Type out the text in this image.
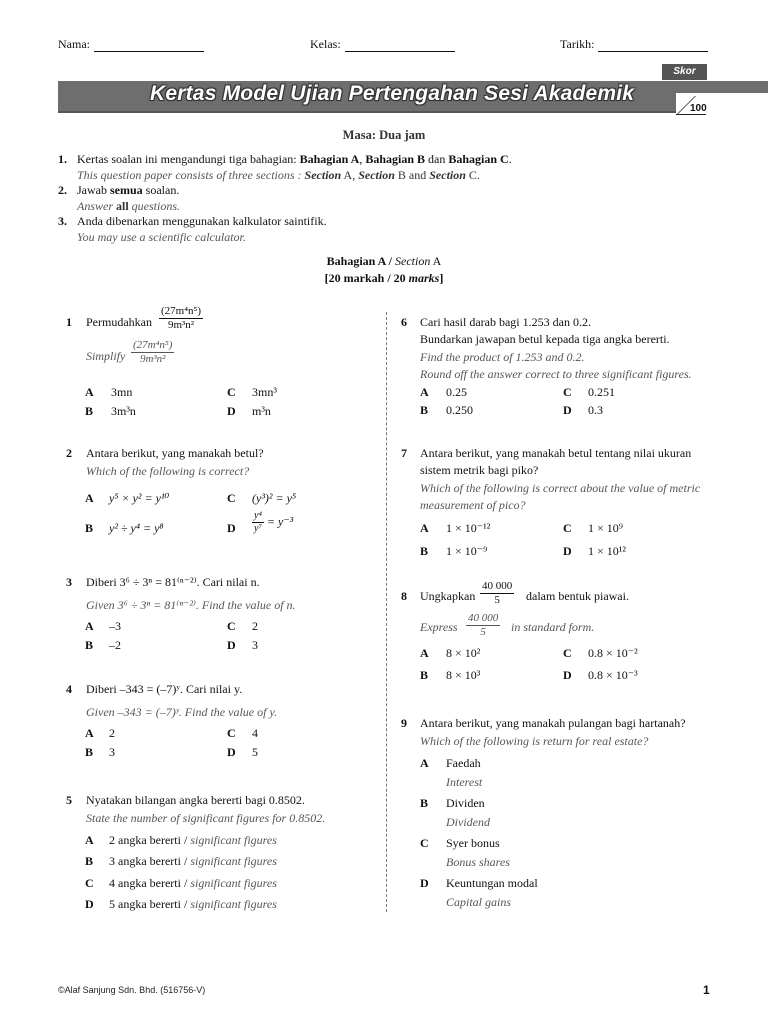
Nama:	Kelas:	Tarikh:
Kertas Model Ujian Pertengahan Sesi Akademik
Skor
100
Masa: Dua jam
1. Kertas soalan ini mengandungi tiga bahagian: Bahagian A, Bahagian B dan Bahagian C.
This question paper consists of three sections : Section A, Section B and Section C.
2. Jawab semua soalan.
Answer all questions.
3. Anda dibenarkan menggunakan kalkulator saintifik.
You may use a scientific calculator.
Bahagian A / Section A
[20 markah / 20 marks]
1 Permudahkan $\frac{\text{(27m⁴n⁵)}}{\text{9m³n²}}$
Simplify $\frac{\text{(27m⁴n⁵)}}{\text{9m³n²}}$
A 3mn	C 3mn³
B 3m³n	D m³n
2 Antara berikut, yang manakah betul?
Which of the following is correct?
A y⁵ × y² = y¹⁰	C (y³)² = y⁵
B y² ÷ y⁴ = y⁸	D $\frac{\text{y⁴}}{\text{y⁷}} = y^{-3}$
3 Diberi 3⁶ ÷ 3ⁿ = 81⁽ⁿ⁻²⁾. Cari nilai n.
Given 3⁶ ÷ 3ⁿ = 81⁽ⁿ⁻²⁾. Find the value of n.
A –3	C 2
B –2	D 3
4 Diberi –343 = (–7)ʸ. Cari nilai y.
Given –343 = (–7)ʸ. Find the value of y.
A 2	C 4
B 3	D 5
5 Nyatakan bilangan angka bererti bagi 0.8502.
State the number of significant figures for 0.8502.
A 2 angka bererti / significant figures
B 3 angka bererti / significant figures
C 4 angka bererti / significant figures
D 5 angka bererti / significant figures
6 Cari hasil darab bagi 1.253 dan 0.2.
Bundarkan jawapan betul kepada tiga angka bererti.
Find the product of 1.253 and 0.2.
Round off the answer correct to three significant figures.
A 0.25	C 0.251
B 0.250	D 0.3
7 Antara berikut, yang manakah betul tentang nilai ukuran
sistem metrik bagi piko?
Which of the following is correct about the value of metric
measurement of pico?
A 1 × 10⁻¹²	C 1 × 10⁹
B 1 × 10⁻⁹	D 1 × 10¹²
8 Ungkapkan $\frac{40 000}{5}$ dalam bentuk piawai.
Express $\frac{40 000}{5}$ in standard form.
A 8 × 10²	C 0.8 × 10⁻²
B 8 × 10³	D 0.8 × 10⁻³
9 Antara berikut, yang manakah pulangan bagi hartanah?
Which of the following is return for real estate?
A Faedah
Interest
B Dividen
Dividend
C Syer bonus
Bonus shares
D Keuntungan modal
Capital gains
©Alaf Sanjung Sdn. Bhd. (516756-V)	1
